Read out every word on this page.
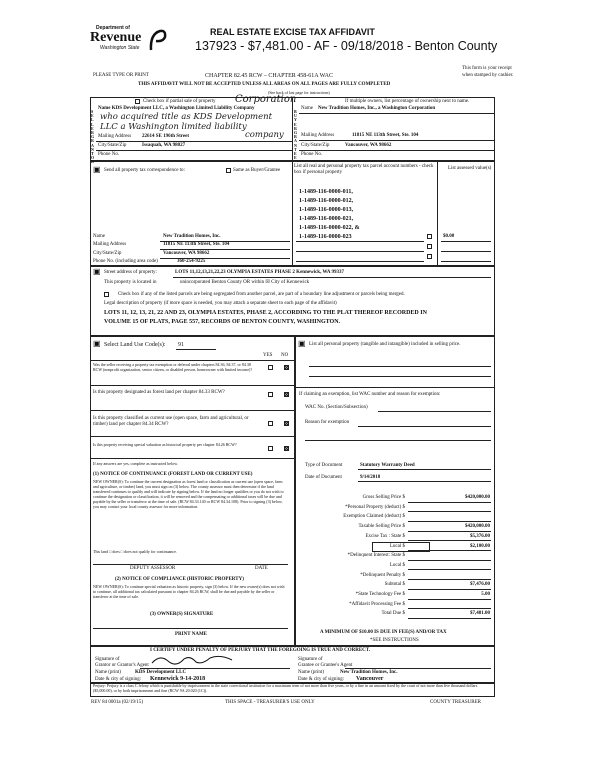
Department of
Revenue
Washington State
REAL ESTATE EXCISE TAX AFFIDAVIT
137923 - $7,481.00 - AF - 09/18/2018 - Benton County
CHAPTER 82.45 RCW – CHAPTER 458-61A WAC
PLEASE TYPE OR PRINT
This form is your receipt
when stamped by cashier.
THIS AFFIDAVIT WILL NOT BE ACCEPTED UNLESS ALL AREAS ON ALL PAGES ARE FULLY COMPLETED
(See back of last page for instructions)
Check box if partial sale of property Corporation	If multiple owners, list percentage of ownership next to name.
SELLER GRANTOR
Name KDS Development LLC, a Washington Limited Liability Company
who acquired title as KDS Development
LLC a Washington limited liability
company
Mailing Address 22614 SE 196th Street
City/State/Zip	Issaquah, WA 98027
Phone No.
BUYER GRANTEE
Name New Tradition Homes, Inc., a Washington Corporation
Mailing Address	11815 NE 113th Street, Ste. 104
City/State/Zip	Vancouver, WA 98662
Phone No.
▣ Send all property tax correspondence to:	Same as Buyer/Grantee
List all real and personal property tax parcel account numbers - check box if personal property
List assessed value(s)
1-1489-116-0000-011,
1-1489-116-0000-012,
1-1489-116-0000-013,
1-1489-116-0000-021,
1-1489-116-0000-022, &
1-1489-116-0000-023	$0.00
Name	New Tradition Homes, Inc.
Mailing Address	11815 NE 113th Street, Ste. 104
City/State/Zip	Vancouver, WA 98662
Phone No. (including area code)	360-254-9225
▣ Street address of property:	LOTS 11,12,13,21,22,23 OLYMPIA ESTATES PHASE 2 Kennewick, WA 99337
This property is located in	unincorporated Benton County OR within ☒ City of Kennewick
Check box if any of the listed parcels are being segregated from another parcel, are part of a boundary line adjustment or parcels being merged.
Legal description of property (if more space is needed, you may attach a separate sheet to each page of the affidavit)
LOTS 11, 12, 13, 21, 22 AND 23, OLYMPIA ESTATES, PHASE 2, ACCORDING TO THE PLAT THEREOF RECORDED IN
VOLUME 15 OF PLATS, PAGE 557, RECORDS OF BENTON COUNTY, WASHINGTON.
▣ Select Land Use Code(s): 91
YES NO
Was the seller receiving a property tax exemption or deferral under chapters 84.36, 84.37, or 84.38 RCW (nonprofit organization, senior citizen, or disabled person, homeowner with limited income)?
Is this property designated as forest land per chapter 84.33 RCW?
Is this property classified as current use (open space, farm and agricultural, or timber) land per chapter 84.34 RCW?
Is this property receiving special valuation as historical property per chapter 84.26 RCW?
If any answers are yes, complete as instructed below.
(1) NOTICE OF CONTINUANCE (FOREST LAND OR CURRENT USE)
NEW OWNER(S): To continue the current designation as forest land or classification as current use (open space, farm and agriculture, or timber) land, you must sign on (3) below. The county assessor must then determine if the land transferred continues to qualify and will indicate by signing below. If the land no longer qualifies or you do not wish to continue the designation or classification, it will be removed and the compensating or additional taxes will be due and payable by the seller or transferor at the time of sale. (RCW 84.33.140 or RCW 84.34.108). Prior to signing (3) below, you may contact your local county assessor for more information.
This land □ does □ does not qualify for continuance.
DEPUTY ASSESSOR	DATE
(2) NOTICE OF COMPLIANCE (HISTORIC PROPERTY)
NEW OWNER(S): To continue special valuation as historic property, sign (3) below. If the new owner(s) does not wish to continue, all additional tax calculated pursuant to chapter 84.26 RCW, shall be due and payable by the seller or transferor at the time of sale.
(3) OWNER(S) SIGNATURE
PRINT NAME
▣ List all personal property (tangible and intangible) included in selling price.
If claiming an exemption, list WAC number and reason for exemption:
WAC No. (Section/Subsection)
Reason for exemption
Type of Document	Statutory Warranty Deed
Date of Document	9/14/2018
Gross Selling Price $	$420,000.00
*Personal Property (deduct) $
Exemption Claimed (deduct) $
Taxable Selling Price $	$420,000.00
Excise Tax : State $	$5,376.00
Local $	$2,100.00
*Delinquent Interest: State $
Local $
*Delinquent Penalty $
Subtotal $	$7,476.00
*State Technology Fee $	5.00
*Affidavit Processing Fee $
Total Due $	$7,481.00
A MINIMUM OF $10.00 IS DUE IN FEE(S) AND/OR TAX
*SEE INSTRUCTIONS
I CERTIFY UNDER PENALTY OF PERJURY THAT THE FOREGOING IS TRUE AND CORRECT.
Signature of
Grantor or Grantor's Agent
Name (print)	KDS Development LLC
Date & city of signing: Kennewick 9-14-2018
Signature of
Grantee or Grantee's Agent
Name (print)	New Tradition Homes, Inc.
Date & city of signing: Vancouver
Perjury: Perjury is a class C felony which is punishable by imprisonment in the state correctional institution for a maximum term of not more than five years, or by a fine in an amount fixed by the court of not more than five thousand dollars ($5,000.00), or by both imprisonment and fine (RCW 9A.20.020 (1C)).
REV 84 0001a (02/19/15)	THIS SPACE - TREASURER'S USE ONLY	COUNTY TREASURER
